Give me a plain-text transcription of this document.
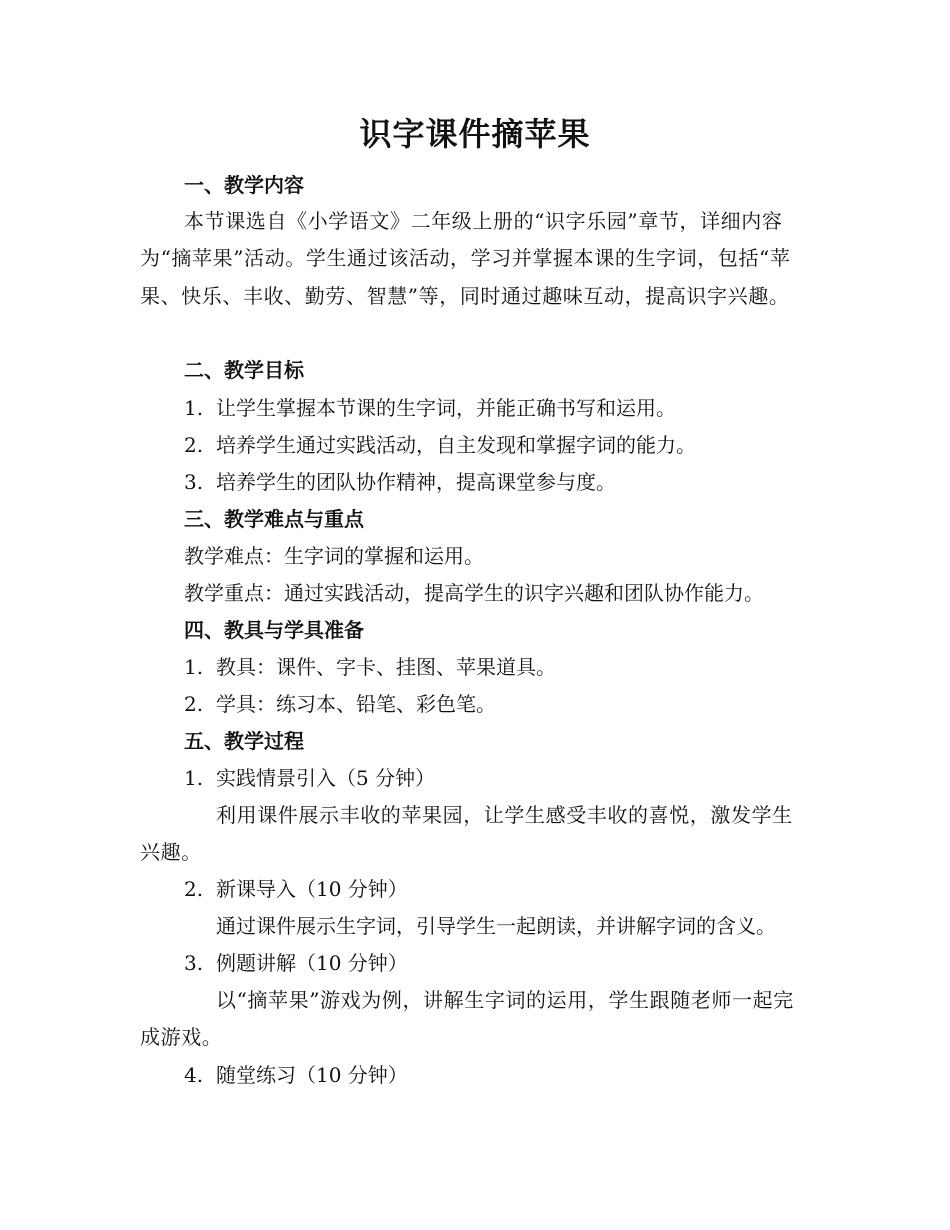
识字课件摘苹果
一、教学内容
本节课选自《小学语文》二年级上册的“识字乐园”章节，详细内容为“摘苹果”活动。学生通过该活动，学习并掌握本课的生字词，包括“苹果、快乐、丰收、勤劳、智慧”等，同时通过趣味互动，提高识字兴趣。
二、教学目标
1. 让学生掌握本节课的生字词，并能正确书写和运用。
2. 培养学生通过实践活动，自主发现和掌握字词的能力。
3. 培养学生的团队协作精神，提高课堂参与度。
三、教学难点与重点
教学难点：生字词的掌握和运用。
教学重点：通过实践活动，提高学生的识字兴趣和团队协作能力。
四、教具与学具准备
1. 教具：课件、字卡、挂图、苹果道具。
2. 学具：练习本、铅笔、彩色笔。
五、教学过程
1. 实践情景引入（5 分钟）
利用课件展示丰收的苹果园，让学生感受丰收的喜悦，激发学生兴趣。
2. 新课导入（10 分钟）
通过课件展示生字词，引导学生一起朗读，并讲解字词的含义。
3. 例题讲解（10 分钟）
以“摘苹果”游戏为例，讲解生字词的运用，学生跟随老师一起完成游戏。
4. 随堂练习（10 分钟）
